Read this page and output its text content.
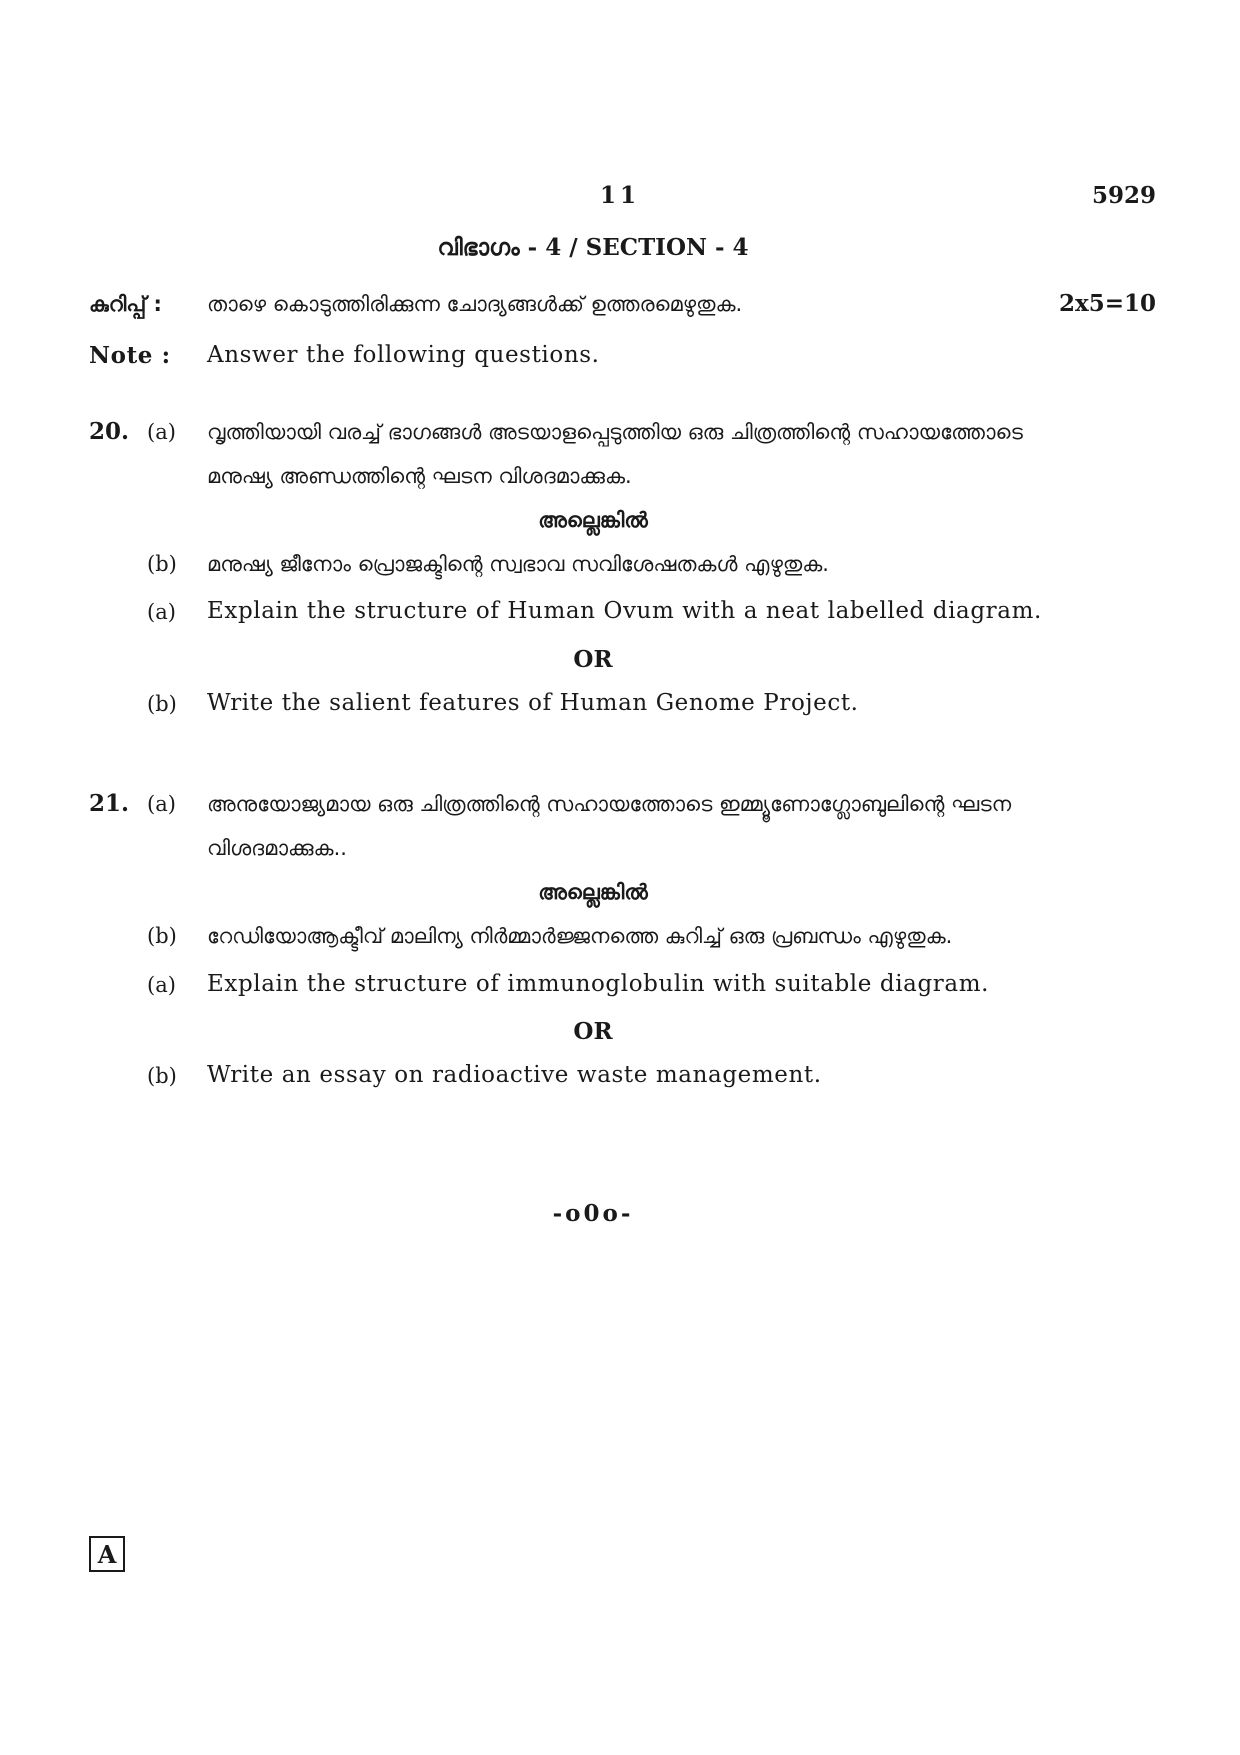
11	5929
വിഭാഗം - 4 / SECTION - 4
കുറിപ്പ് : താഴെ കൊടുത്തിരിക്കുന്ന ചോദ്യങ്ങൾക്ക് ഉത്തരമെഴുതുക.	2x5=10
Note : Answer the following questions.
20. (a) വൃത്തിയായി വരച്ച് ഭാഗങ്ങൾ അടയാളപ്പെടുത്തിയ ഒരു ചിത്രത്തിന്റെ സഹായത്തോടെ
മനുഷ്യ അണ്ഡത്തിന്റെ ഘടന വിശദമാക്കുക.
അല്ലെങ്കിൽ
(b) മനുഷ്യ ജീനോം പ്രൊജക്ടിന്റെ സ്വഭാവ സവിശേഷതകൾ എഴുതുക.
(a) Explain the structure of Human Ovum with a neat labelled diagram.
OR
(b) Write the salient features of Human Genome Project.
21. (a) അനുയോജ്യമായ ഒരു ചിത്രത്തിന്റെ സഹായത്തോടെ ഇമ്മ്യൂണോഗ്ലോബുലിന്റെ ഘടന
വിശദമാക്കുക..
അല്ലെങ്കിൽ
(b) റേഡിയോആക്ടീവ് മാലിന്യ നിർമ്മാർജ്ജനത്തെ കുറിച്ച് ഒരു പ്രബന്ധം എഴുതുക.
(a) Explain the structure of immunoglobulin with suitable diagram.
OR
(b) Write an essay on radioactive waste management.
-o0o-
A
